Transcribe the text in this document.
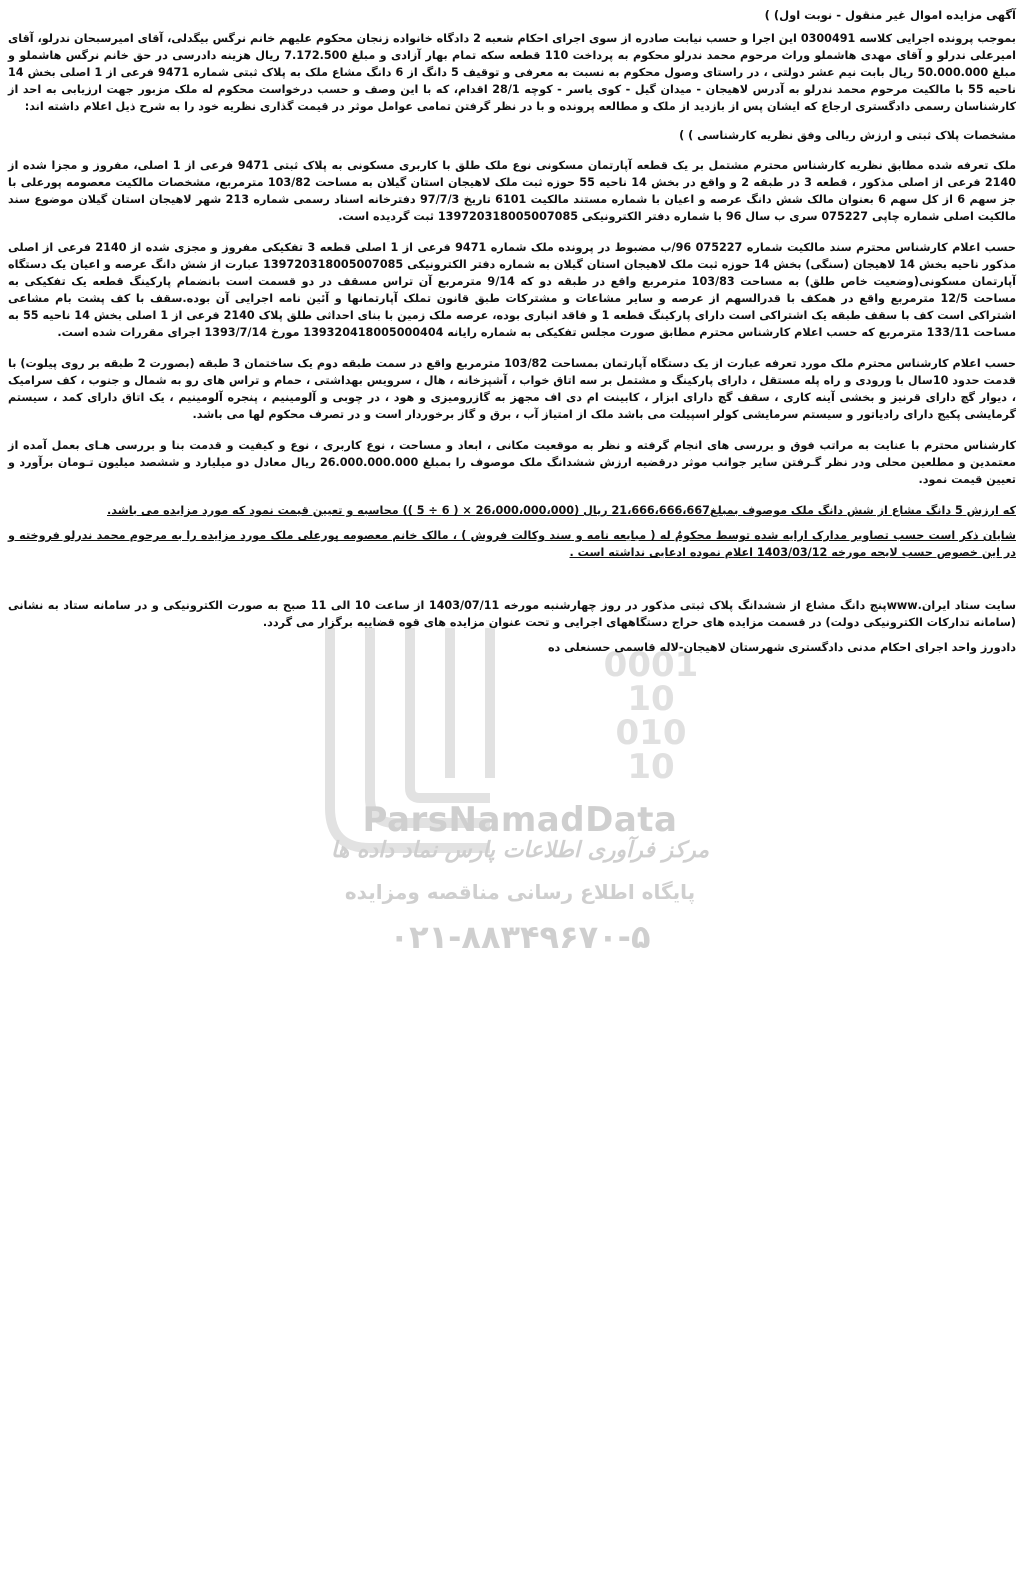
0001
10
010
10
ParsNamadData
مرکز فرآوری اطلاعات پارس نماد داده ها
پایگاه اطلاع رسانی مناقصه ومزایده
۰۲۱-۸۸۳۴۹۶۷۰-۵

آگهی مزایده اموال غیر منقول - نوبت اول) )

بموجب پرونده اجرایی کلاسه 0300491 این اجرا و حسب نیابت صادره از سوی اجرای احکام شعبه 2 دادگاه خانواده زنجان محکوم علیهم خانم نرگس بیگدلی، آقای امیرسبحان ندرلو، آقای امیرعلی ندرلو و آقای مهدی هاشملو وراث مرحوم محمد ندرلو محکوم به پرداخت 110 قطعه سکه تمام بهار آزادی و مبلغ 7.172.500 ریال هزینه دادرسی در حق خانم نرگس هاشملو و مبلغ 50.000.000 ریال بابت نیم عشر دولتی ، در راستای وصول محکوم به نسبت به معرفی و توقیف 5 دانگ از 6 دانگ مشاع ملک به پلاک ثبتی شماره 9471 فرعی از 1 اصلی بخش 14 ناحیه 55 با مالکیت مرحوم محمد ندرلو به آدرس لاهیجان - میدان گیل - کوی یاسر - کوچه 28/1 اقدام، که با این وصف و حسب درخواست محکوم له ملک مزبور جهت ارزیابی به احد از کارشناسان رسمی دادگستری ارجاع که ایشان پس از بازدید از ملک و مطالعه پرونده و با در نظر گرفتن تمامی عوامل موثر در قیمت گذاری نظریه خود را به شرح ذیل اعلام داشته اند:

مشخصات پلاک ثبتی و ارزش ریالی وفق نظریه کارشناسی ) )

ملک تعرفه شده مطابق نظریه کارشناس محترم مشتمل بر یک قطعه آپارتمان مسکونی نوع ملک طلق با کاربری مسکونی به پلاک ثبتی 9471 فرعی از 1 اصلی، مفروز و مجزا شده از 2140 فرعی از اصلی مذکور ، قطعه 3 در طبقه 2 و واقع در بخش 14 ناحیه 55 حوزه ثبت ملک لاهیجان استان گیلان به مساحت 103/82 مترمربع، مشخصات مالکیت معصومه پورعلی با جز سهم 6 از کل سهم 6 بعنوان مالک شش دانگ عرصه و اعیان با شماره مستند مالکیت 6101 تاریخ 97/7/3 دفترخانه اسناد رسمی شماره 213 شهر لاهیجان استان گیلان موضوع سند مالکیت اصلی شماره چاپی 075227 سری ب سال 96 با شماره دفتر الکترونیکی 139720318005007085 ثبت گردیده است.

حسب اعلام کارشناس محترم سند مالکیت شماره 075227 96/ب مضبوط در پرونده ملک شماره 9471 فرعی از 1 اصلی قطعه 3 تفکیکی مفروز و مجزی شده از 2140 فرعی از اصلی مذکور ناحیه بخش 14 لاهیجان (سنگی) بخش 14 حوزه ثبت ملک لاهیجان استان گیلان به شماره دفتر الکترونیکی 139720318005007085 عبارت از شش دانگ عرصه و اعیان یک دستگاه آپارتمان مسکونی(وضعیت خاص طلق) به مساحت 103/83 مترمربع واقع در طبقه دو که 9/14 مترمربع آن تراس مسقف در دو قسمت است بانضمام پارکینگ قطعه یک تفکیکی به مساحت 12/5 مترمربع واقع در همکف با قدرالسهم از عرصه و سایر مشاعات و مشترکات طبق قانون تملک آپارتمانها و آئین نامه اجرایی آن بوده.سقف با کف پشت بام مشاعی اشتراکی است کف با سقف طبقه یک اشتراکی است دارای پارکینگ قطعه 1 و فاقد انباری بوده، عرصه ملک زمین با بنای احداثی طلق پلاک 2140 فرعی از 1 اصلی بخش 14 ناحیه 55 به مساحت 133/11 مترمربع که حسب اعلام کارشناس محترم مطابق صورت مجلس تفکیکی به شماره رایانه 139320418005000404 مورخ 1393/7/14 اجرای مقررات شده است.

حسب اعلام کارشناس محترم ملک مورد تعرفه عبارت از یک دستگاه آپارتمان بمساحت 103/82 مترمربع واقع در سمت طبقه دوم یک ساختمان 3 طبقه (بصورت 2 طبقه بر روی پیلوت) با قدمت حدود 10سال با ورودی و راه پله مستقل ، دارای پارکینگ و مشتمل بر سه اتاق خواب ، آشپزخانه ، هال ، سرویس بهداشتی ، حمام و تراس های رو به شمال و جنوب ، کف سرامیک ، دیوار گچ دارای قرنیز و بخشی آینه کاری ، سقف گچ دارای ابزار ، کابینت ام دی اف مجهز به گازرومیزی و هود ، در چوبی و آلومینیم ، پنجره آلومینیم ، یک اتاق دارای کمد ، سیستم گرمایشی پکیج دارای رادیاتور و سیستم سرمایشی کولر اسپیلت می باشد ملک از امتیاز آب ، برق و گاز برخوردار است و در تصرف محکوم لها می باشد.

کارشناس محترم با عنایت به مراتب فوق و بررسی های انجام گرفته و نظر به موقعیت مکانی ، ابعاد و مساحت ، نوع کاربری ، نوع و کیفیت و قدمت بنا و بررسی هـای بعمل آمده از معتمدین و مطلعین محلی ودر نظر گـرفتن سایر جوانب موثر درقضیه ارزش ششدانگ ملک موصوف را بمبلغ 26.000.000.000 ریال معادل دو میلیارد و ششصد میلیون تـومان برآورد و تعیین قیمت نمود.

که ارزش 5 دانگ مشاع از شش دانگ ملک موصوف بمبلغ21،666،666،667 ریال (26،000،000،000 × ( 6 ÷ 5 )) محاسبه و تعیین قیمت نمود که مورد مزایده می باشد.

شایان ذکر است حسب تصاویر مدارک ارایه شده توسط محکومٌ له ( مبایعه نامه و سند وکالت فروش ) ، مالک خانم معصومه پورعلی ملک مورد مزایده را به مرحوم محمد ندرلو فروخته و در این خصوص حسب لایحه مورخه 1403/03/12 اعلام نموده ادعایی نداشته است .

سایت ستاد ایران.wwwپنج دانگ مشاع از ششدانگ پلاک ثبتی مذکور در روز چهارشنبه مورخه 1403/07/11 از ساعت 10 الی 11 صبح به صورت الکترونیکی و در سامانه ستاد به نشانی (سامانه تدارکات الکترونیکی دولت) در قسمت مزایده های حراج دستگاههای اجرایی و تحت عنوان مزایده های قوه قضاییه برگزار می گردد.

دادورز واحد اجرای احکام مدنی دادگستری شهرستان لاهیجان-لاله قاسمی حسنعلی ده
